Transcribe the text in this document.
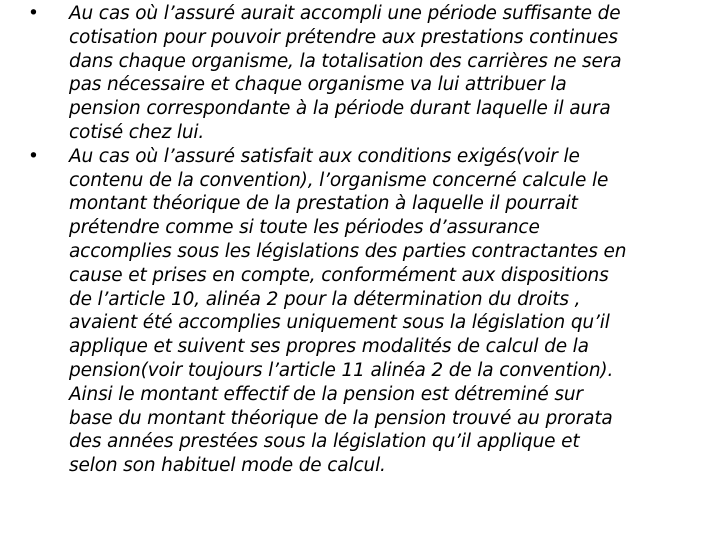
•	Au cas où l’assuré aurait accompli une période suffisante de
cotisation pour pouvoir prétendre aux prestations continues
dans chaque organisme, la totalisation des carrières ne sera
pas nécessaire et chaque organisme va lui attribuer la
pension correspondante à la période durant laquelle il aura
cotisé chez lui.
•	Au cas où l’assuré satisfait aux conditions exigés(voir le
contenu de la convention), l’organisme concerné calcule le
montant théorique de la prestation à laquelle il pourrait
prétendre comme si toute les périodes d’assurance
accomplies sous les législations des parties contractantes en
cause et prises en compte, conformément aux dispositions
de l’article 10, alinéa 2 pour la détermination du droits ,
avaient été accomplies uniquement sous la législation qu’il
applique et suivent ses propres modalités de calcul de la
pension(voir toujours l’article 11 alinéa 2 de la convention).
Ainsi le montant effectif de la pension est détreminé sur
base du montant théorique de la pension trouvé au prorata
des années prestées sous la législation qu’il applique et
selon son habituel mode de calcul.
